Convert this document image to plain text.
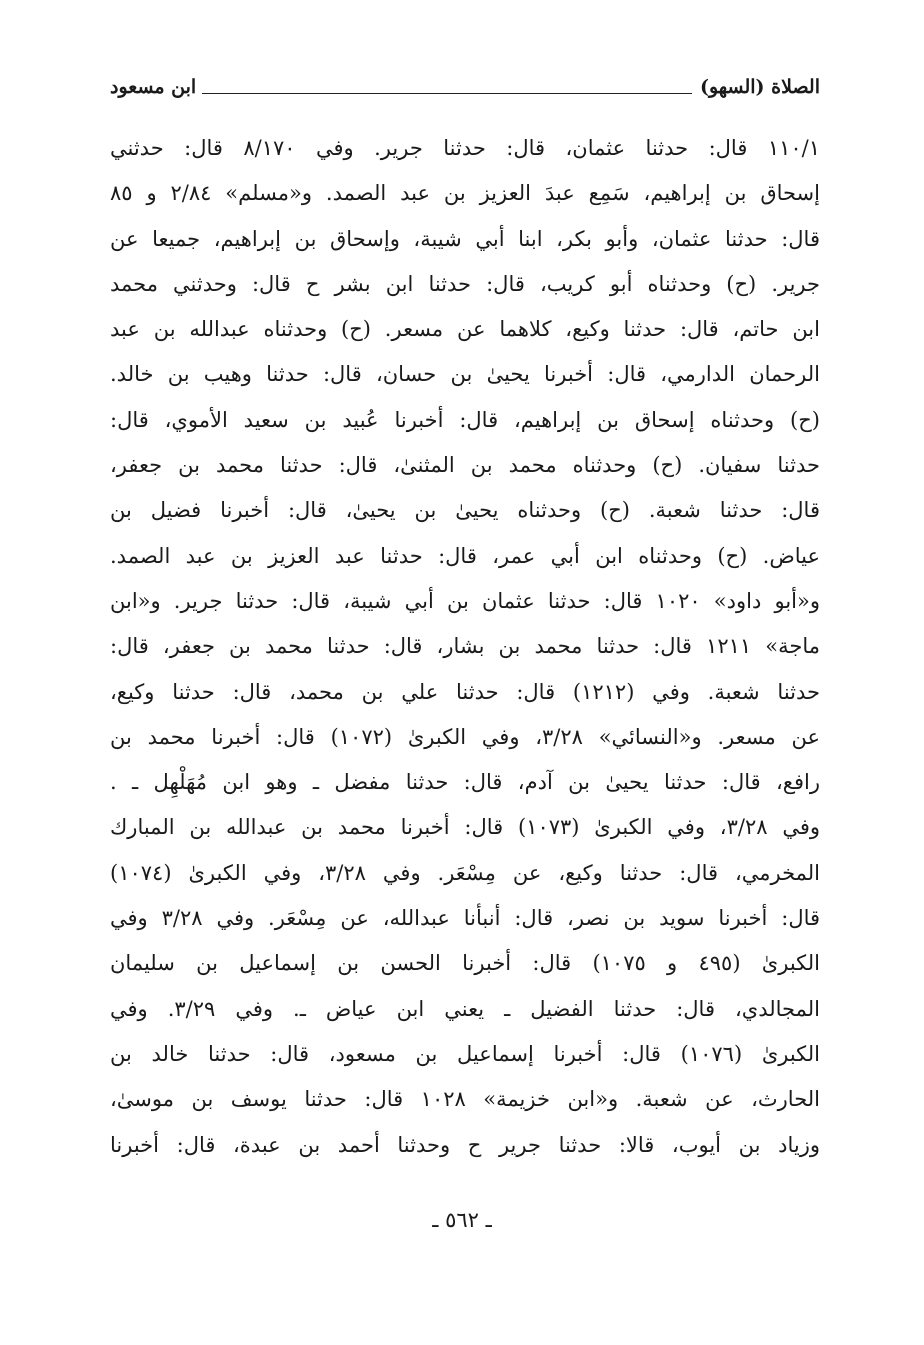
الصلاة (السهو)
ابن مسعود
١١٠/١ قال: حدثنا عثمان، قال: حدثنا جرير. وفي ٨/١٧٠ قال: حدثني
إسحاق بن إبراهيم، سَمِع عبدَ العزيز بن عبد الصمد. و«مسلم» ٢/٨٤ و ٨٥
قال: حدثنا عثمان، وأبو بكر، ابنا أبي شيبة، وإسحاق بن إبراهيم، جميعا عن
جرير. (ح) وحدثناه أبو كريب، قال: حدثنا ابن بشر ح قال: وحدثني محمد
ابن حاتم، قال: حدثنا وكيع، كلاهما عن مسعر. (ح) وحدثناه عبدالله بن عبد
الرحمان الدارمي، قال: أخبرنا يحيىٰ بن حسان، قال: حدثنا وهيب بن خالد.
(ح) وحدثناه إسحاق بن إبراهيم، قال: أخبرنا عُبيد بن سعيد الأموي، قال:
حدثنا سفيان. (ح) وحدثناه محمد بن المثنىٰ، قال: حدثنا محمد بن جعفر،
قال: حدثنا شعبة. (ح) وحدثناه يحيىٰ بن يحيىٰ، قال: أخبرنا فضيل بن
عياض. (ح) وحدثناه ابن أبي عمر، قال: حدثنا عبد العزيز بن عبد الصمد.
و«أبو داود» ١٠٢٠ قال: حدثنا عثمان بن أبي شيبة، قال: حدثنا جرير. و«ابن
ماجة» ١٢١١ قال: حدثنا محمد بن بشار، قال: حدثنا محمد بن جعفر، قال:
حدثنا شعبة. وفي (١٢١٢) قال: حدثنا علي بن محمد، قال: حدثنا وكيع،
عن مسعر. و«النسائي» ٣/٢٨، وفي الكبرىٰ (١٠٧٢) قال: أخبرنا محمد بن
رافع، قال: حدثنا يحيىٰ بن آدم، قال: حدثنا مفضل ـ وهو ابن مُهَلْهِل ـ .
وفي ٣/٢٨، وفي الكبرىٰ (١٠٧٣) قال: أخبرنا محمد بن عبدالله بن المبارك
المخرمي، قال: حدثنا وكيع، عن مِسْعَر. وفي ٣/٢٨، وفي الكبرىٰ (١٠٧٤)
قال: أخبرنا سويد بن نصر، قال: أنبأنا عبدالله، عن مِسْعَر. وفي ٣/٢٨ وفي
الكبرىٰ (٤٩٥ و ١٠٧٥) قال: أخبرنا الحسن بن إسماعيل بن سليمان
المجالدي، قال: حدثنا الفضيل ـ يعني ابن عياض ـ. وفي ٣/٢٩. وفي
الكبرىٰ (١٠٧٦) قال: أخبرنا إسماعيل بن مسعود، قال: حدثنا خالد بن
الحارث، عن شعبة. و«ابن خزيمة» ١٠٢٨ قال: حدثنا يوسف بن موسىٰ،
وزياد بن أيوب، قالا: حدثنا جرير ح وحدثنا أحمد بن عبدة، قال: أخبرنا
ـ ٥٦٢ ـ
